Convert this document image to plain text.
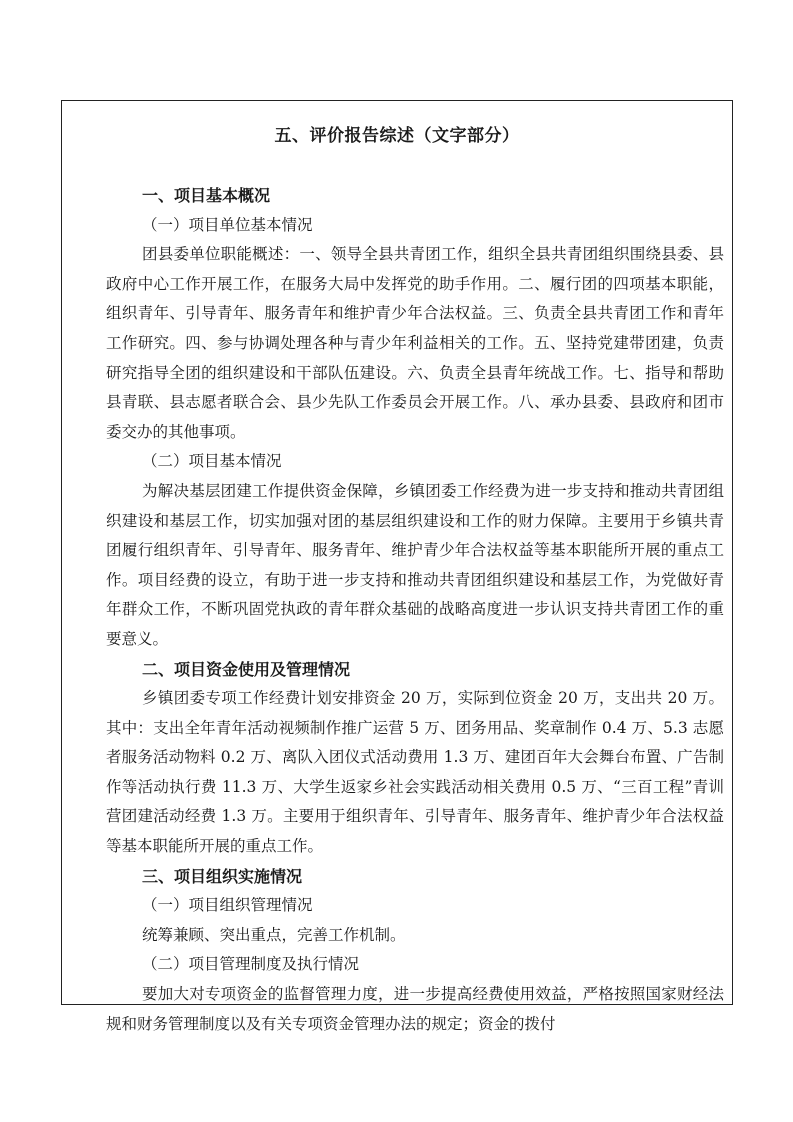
五、评价报告综述（文字部分）

一、项目基本概况

（一）项目单位基本情况

团县委单位职能概述：一、领导全县共青团工作，组织全县共青团组织围绕县委、县政府中心工作开展工作，在服务大局中发挥党的助手作用。二、履行团的四项基本职能，组织青年、引导青年、服务青年和维护青少年合法权益。三、负责全县共青团工作和青年工作研究。四、参与协调处理各种与青少年利益相关的工作。五、坚持党建带团建，负责研究指导全团的组织建设和干部队伍建设。六、负责全县青年统战工作。七、指导和帮助县青联、县志愿者联合会、县少先队工作委员会开展工作。八、承办县委、县政府和团市委交办的其他事项。

（二）项目基本情况

为解决基层团建工作提供资金保障，乡镇团委工作经费为进一步支持和推动共青团组织建设和基层工作，切实加强对团的基层组织建设和工作的财力保障。主要用于乡镇共青团履行组织青年、引导青年、服务青年、维护青少年合法权益等基本职能所开展的重点工作。项目经费的设立，有助于进一步支持和推动共青团组织建设和基层工作，为党做好青年群众工作，不断巩固党执政的青年群众基础的战略高度进一步认识支持共青团工作的重要意义。

二、项目资金使用及管理情况

乡镇团委专项工作经费计划安排资金 20 万，实际到位资金 20 万，支出共 20 万。其中：支出全年青年活动视频制作推广运营 5 万、团务用品、奖章制作 0.4 万、5.3 志愿者服务活动物料 0.2 万、离队入团仪式活动费用 1.3 万、建团百年大会舞台布置、广告制作等活动执行费 11.3 万、大学生返家乡社会实践活动相关费用 0.5 万、“三百工程”青训营团建活动经费 1.3 万。主要用于组织青年、引导青年、服务青年、维护青少年合法权益等基本职能所开展的重点工作。

三、项目组织实施情况

（一）项目组织管理情况

统筹兼顾、突出重点，完善工作机制。

（二）项目管理制度及执行情况

要加大对专项资金的监督管理力度，进一步提高经费使用效益，严格按照国家财经法规和财务管理制度以及有关专项资金管理办法的规定；资金的拨付
